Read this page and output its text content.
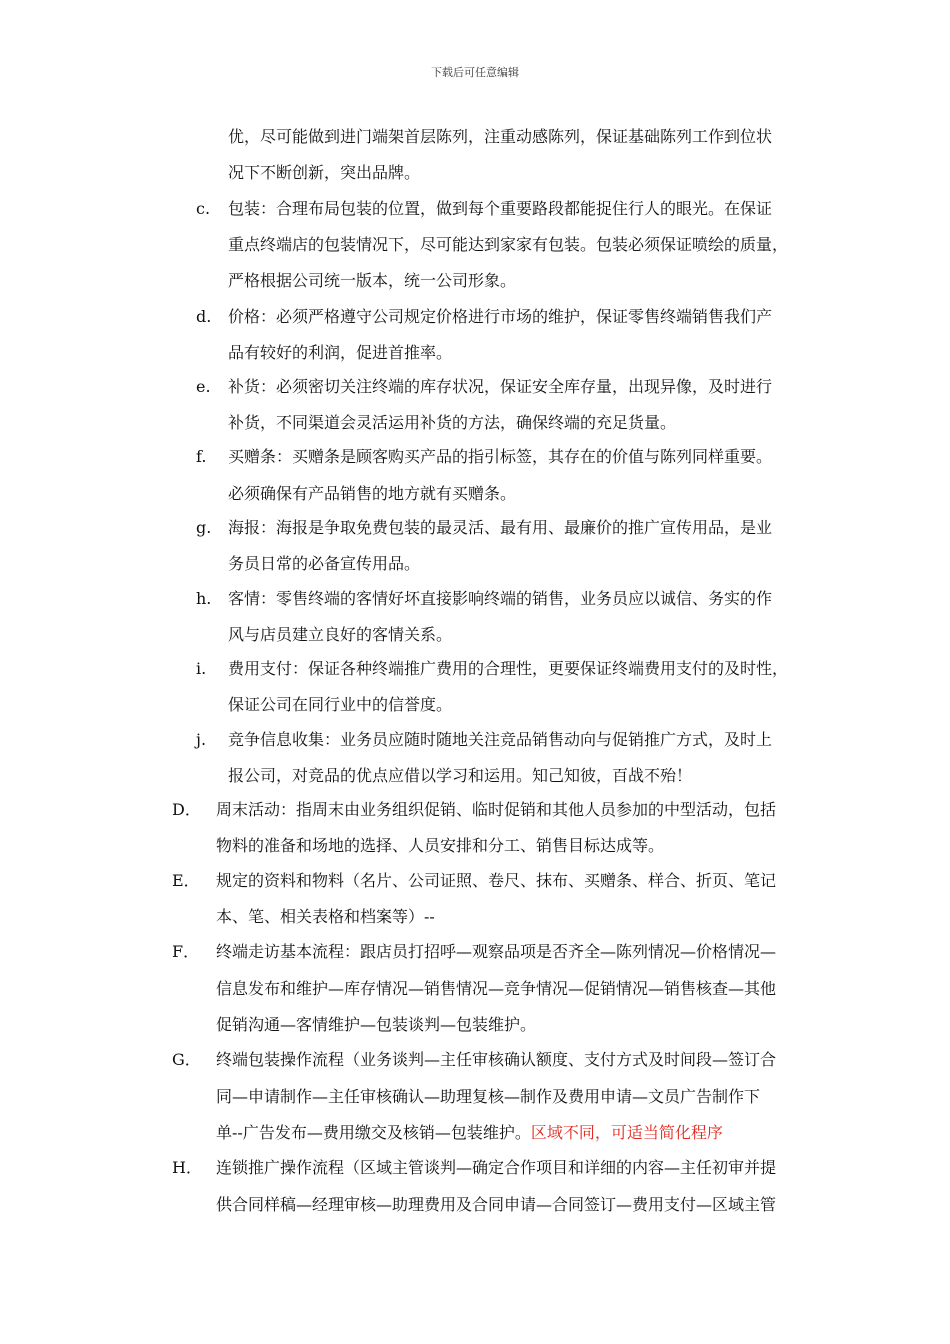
下载后可任意编辑
优，尽可能做到进门端架首层陈列，注重动感陈列，保证基础陈列工作到位状
况下不断创新，突出品牌。
c. 包装：合理布局包装的位置，做到每个重要路段都能捉住行人的眼光。在保证
重点终端店的包装情况下，尽可能达到家家有包装。包装必须保证喷绘的质量，
严格根据公司统一版本，统一公司形象。
d. 价格：必须严格遵守公司规定价格进行市场的维护，保证零售终端销售我们产
品有较好的利润，促进首推率。
e. 补货：必须密切关注终端的库存状况，保证安全库存量，出现异像，及时进行
补货，不同渠道会灵活运用补货的方法，确保终端的充足货量。
f. 买赠条：买赠条是顾客购买产品的指引标签，其存在的价值与陈列同样重要。
必须确保有产品销售的地方就有买赠条。
g. 海报：海报是争取免费包装的最灵活、最有用、最廉价的推广宣传用品，是业
务员日常的必备宣传用品。
h. 客情：零售终端的客情好坏直接影响终端的销售，业务员应以诚信、务实的作
风与店员建立良好的客情关系。
i. 费用支付：保证各种终端推广费用的合理性，更要保证终端费用支付的及时性，
保证公司在同行业中的信誉度。
j. 竞争信息收集：业务员应随时随地关注竞品销售动向与促销推广方式，及时上
报公司，对竞品的优点应借以学习和运用。知己知彼，百战不殆！
D． 周末活动：指周末由业务组织促销、临时促销和其他人员参加的中型活动，包括
物料的准备和场地的选择、人员安排和分工、销售目标达成等。
E． 规定的资料和物料（名片、公司证照、卷尺、抹布、买赠条、样合、折页、笔记
本、笔、相关表格和档案等）--
F． 终端走访基本流程：跟店员打招呼—观察品项是否齐全—陈列情况—价格情况—
信息发布和维护—库存情况—销售情况—竞争情况—促销情况—销售核查—其他
促销沟通—客情维护—包装谈判—包装维护。
G． 终端包装操作流程（业务谈判—主任审核确认额度、支付方式及时间段—签订合
同—申请制作—主任审核确认—助理复核—制作及费用申请—文员广告制作下
单--广告发布—费用缴交及核销—包装维护。区域不同，可适当简化程序
H． 连锁推广操作流程（区域主管谈判—确定合作项目和详细的内容—主任初审并提
供合同样稿—经理审核—助理费用及合同申请—合同签订—费用支付—区域主管
